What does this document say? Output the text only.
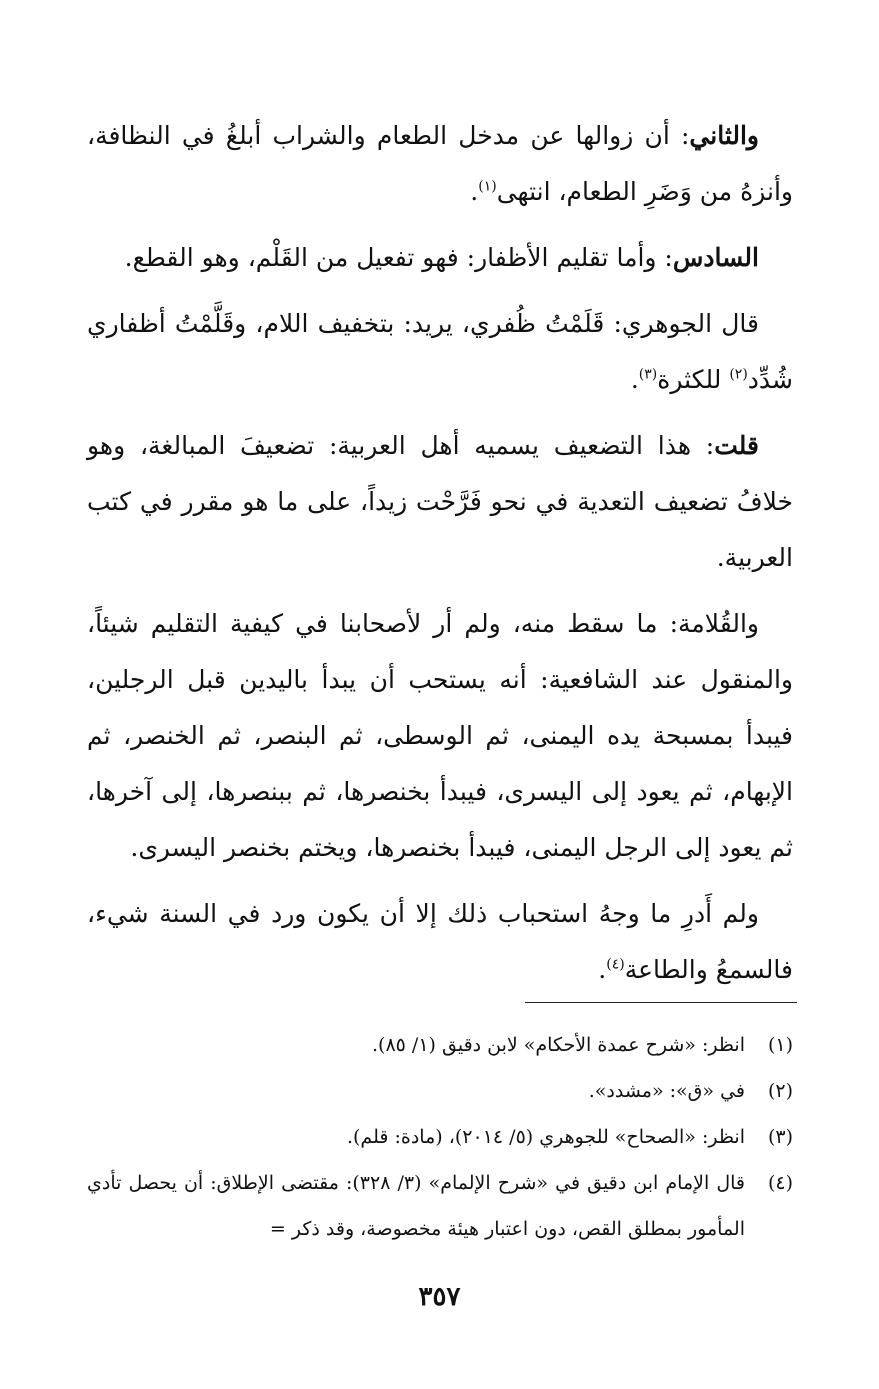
والثاني: أن زوالها عن مدخل الطعام والشراب أبلغُ في النظافة، وأنزهُ من وَضَرِ الطعام، انتهى$^{(١)}$.

السادس: وأما تقليم الأظفار: فهو تفعيل من القَلْم، وهو القطع.

قال الجوهري: قَلَمْتُ ظُفري، يريد: بتخفيف اللام، وقَلَّمْتُ أظفاري شُدِّد$^{(٢)}$ للكثرة$^{(٣)}$.

قلت: هذا التضعيف يسميه أهل العربية: تضعيفَ المبالغة، وهو خلافُ تضعيف التعدية في نحو فَرَّحْت زيداً، على ما هو مقرر في كتب العربية.

والقُلامة: ما سقط منه، ولم أر لأصحابنا في كيفية التقليم شيئاً، والمنقول عند الشافعية: أنه يستحب أن يبدأ باليدين قبل الرجلين، فيبدأ بمسبحة يده اليمنى، ثم الوسطى، ثم البنصر، ثم الخنصر، ثم الإبهام، ثم يعود إلى اليسرى، فيبدأ بخنصرها، ثم ببنصرها، إلى آخرها، ثم يعود إلى الرجل اليمنى، فيبدأ بخنصرها، ويختم بخنصر اليسرى.

ولم أَدرِ ما وجهُ استحباب ذلك إلا أن يكون ورد في السنة شيء، فالسمعُ والطاعة$^{(٤)}$.

(١)
انظر: «شرح عمدة الأحكام» لابن دقيق (١/ ٨٥).
(٢)
في «ق»: «مشدد».
(٣)
انظر: «الصحاح» للجوهري (٥/ ٢٠١٤)، (مادة: قلم).
(٤)
قال الإمام ابن دقيق في «شرح الإلمام» (٣/ ٣٢٨): مقتضى الإطلاق: أن يحصل تأدي المأمور بمطلق القص، دون اعتبار هيئة مخصوصة، وقد ذكر =
٣٥٧
